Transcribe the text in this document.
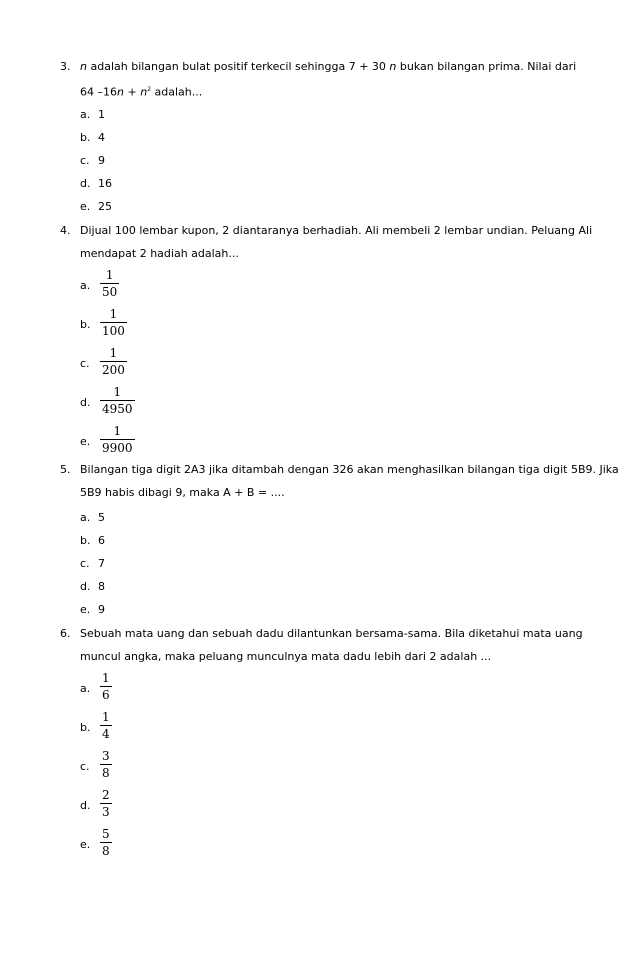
3. n adalah bilangan bulat positif terkecil sehingga 7 + 30 n bukan bilangan prima. Nilai dari
64 $-16n + n^2$ adalah...
a. 1
b. 4
c. 9
d. 16
e. 25
4. Dijual 100 lembar kupon, 2 diantaranya berhadiah. Ali membeli 2 lembar undian. Peluang Ali
mendapat 2 hadiah adalah...
a. $\frac{1}{50}$
b. $\frac{1}{100}$
c. $\frac{1}{200}$
d. $\frac{1}{4950}$
e. $\frac{1}{9900}$
5. Bilangan tiga digit 2A3 jika ditambah dengan 326 akan menghasilkan bilangan tiga digit 5B9. Jika
5B9 habis dibagi 9, maka A + B = ....
a. 5
b. 6
c. 7
d. 8
e. 9
6. Sebuah mata uang dan sebuah dadu dilantunkan bersama-sama. Bila diketahui mata uang
muncul angka, maka peluang munculnya mata dadu lebih dari 2 adalah ...
a. $\frac{1}{6}$
b. $\frac{1}{4}$
c. $\frac{3}{8}$
d. $\frac{2}{3}$
e. $\frac{5}{8}$
